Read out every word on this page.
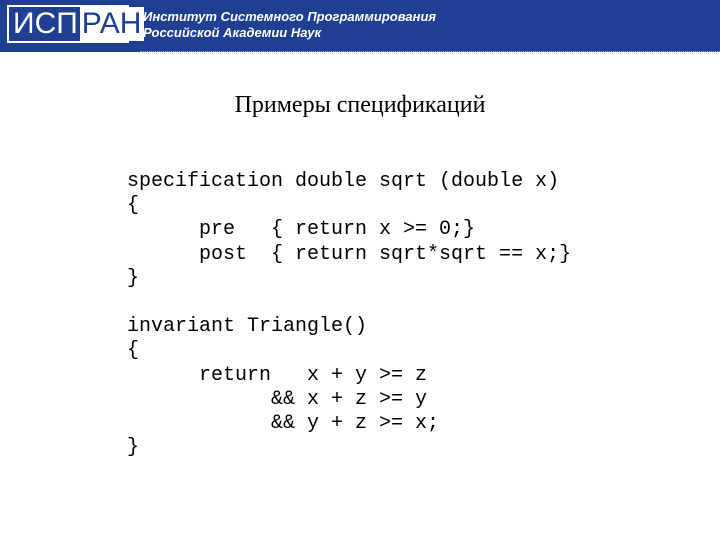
ИСП РАН Институт Системного Программирования
Российской Академии Наук
Примеры спецификаций
specification double sqrt (double x)
{
pre   { return x >= 0;}
post  { return sqrt*sqrt == x;}
}
invariant Triangle()
{
return   x + y >= z
&& x + z >= y
&& y + z >= x;
}
